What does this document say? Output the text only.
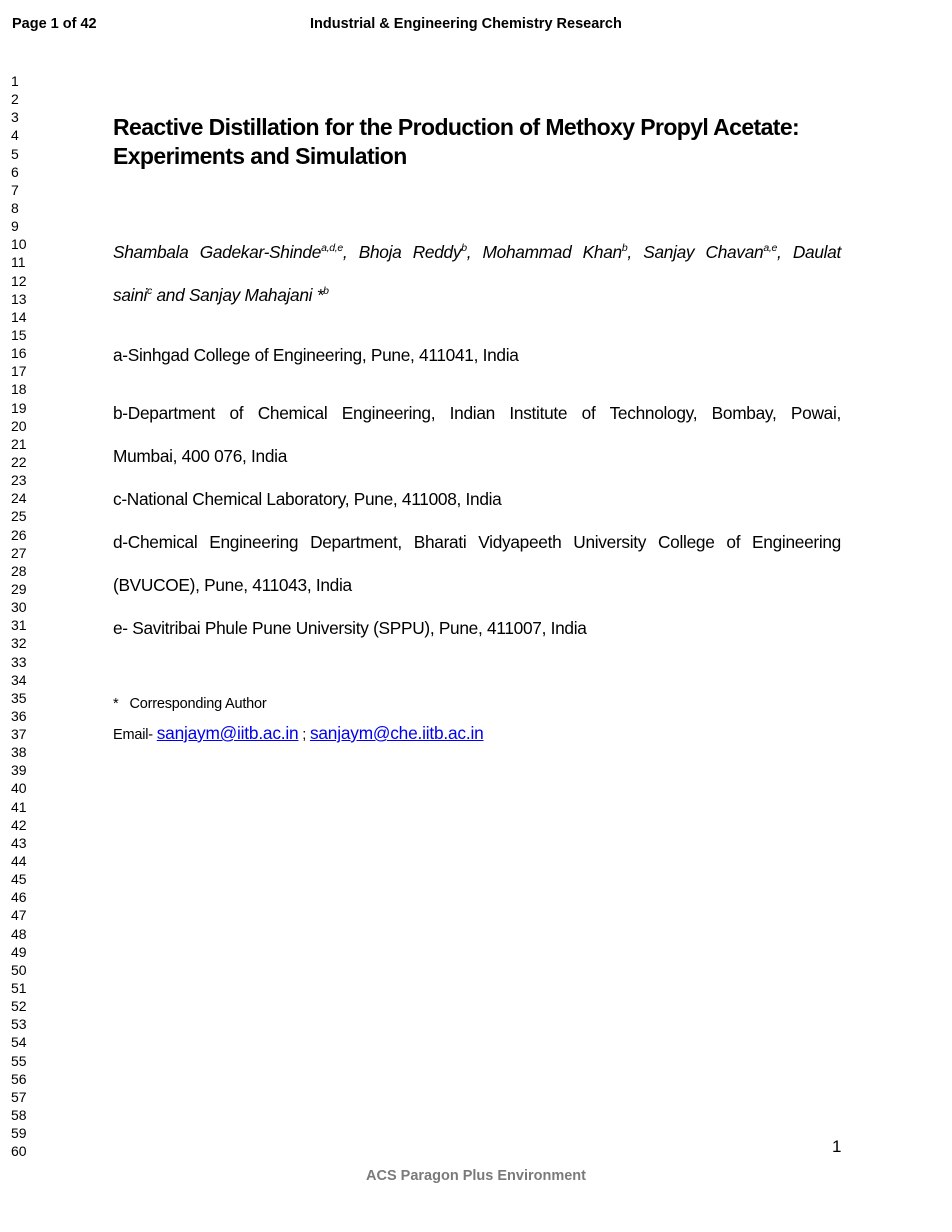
Page 1 of 42	Industrial & Engineering Chemistry Research
1
2
3
4
5
6
7
8
9
10
11
12
13
14
15
16
17
18
19
20
21
22
23
24
25
26
27
28
29
30
31
32
33
34
35
36
37
38
39
40
41
42
43
44
45
46
47
48
49
50
51
52
53
54
55
56
57
58
59
60
Reactive Distillation for the Production of Methoxy Propyl Acetate:
Experiments and Simulation
Shambala Gadekar-Shinde$^{a,d,e}$, Bhoja Reddy$^b$, Mohammad Khan$^b$, Sanjay Chavan$^{a,e}$, Daulat
saini$^c$ and Sanjay Mahajani *$^b$
a-Sinhgad College of Engineering, Pune, 411041, India
b-Department of Chemical Engineering, Indian Institute of Technology, Bombay, Powai,
Mumbai, 400 076, India
c-National Chemical Laboratory, Pune, 411008, India
d-Chemical Engineering Department, Bharati Vidyapeeth University College of Engineering
(BVUCOE), Pune, 411043, India
e- Savitribai Phule Pune University (SPPU), Pune, 411007, India
* Corresponding Author
Email- sanjaym@iitb.ac.in ; sanjaym@che.iitb.ac.in
1
ACS Paragon Plus Environment
